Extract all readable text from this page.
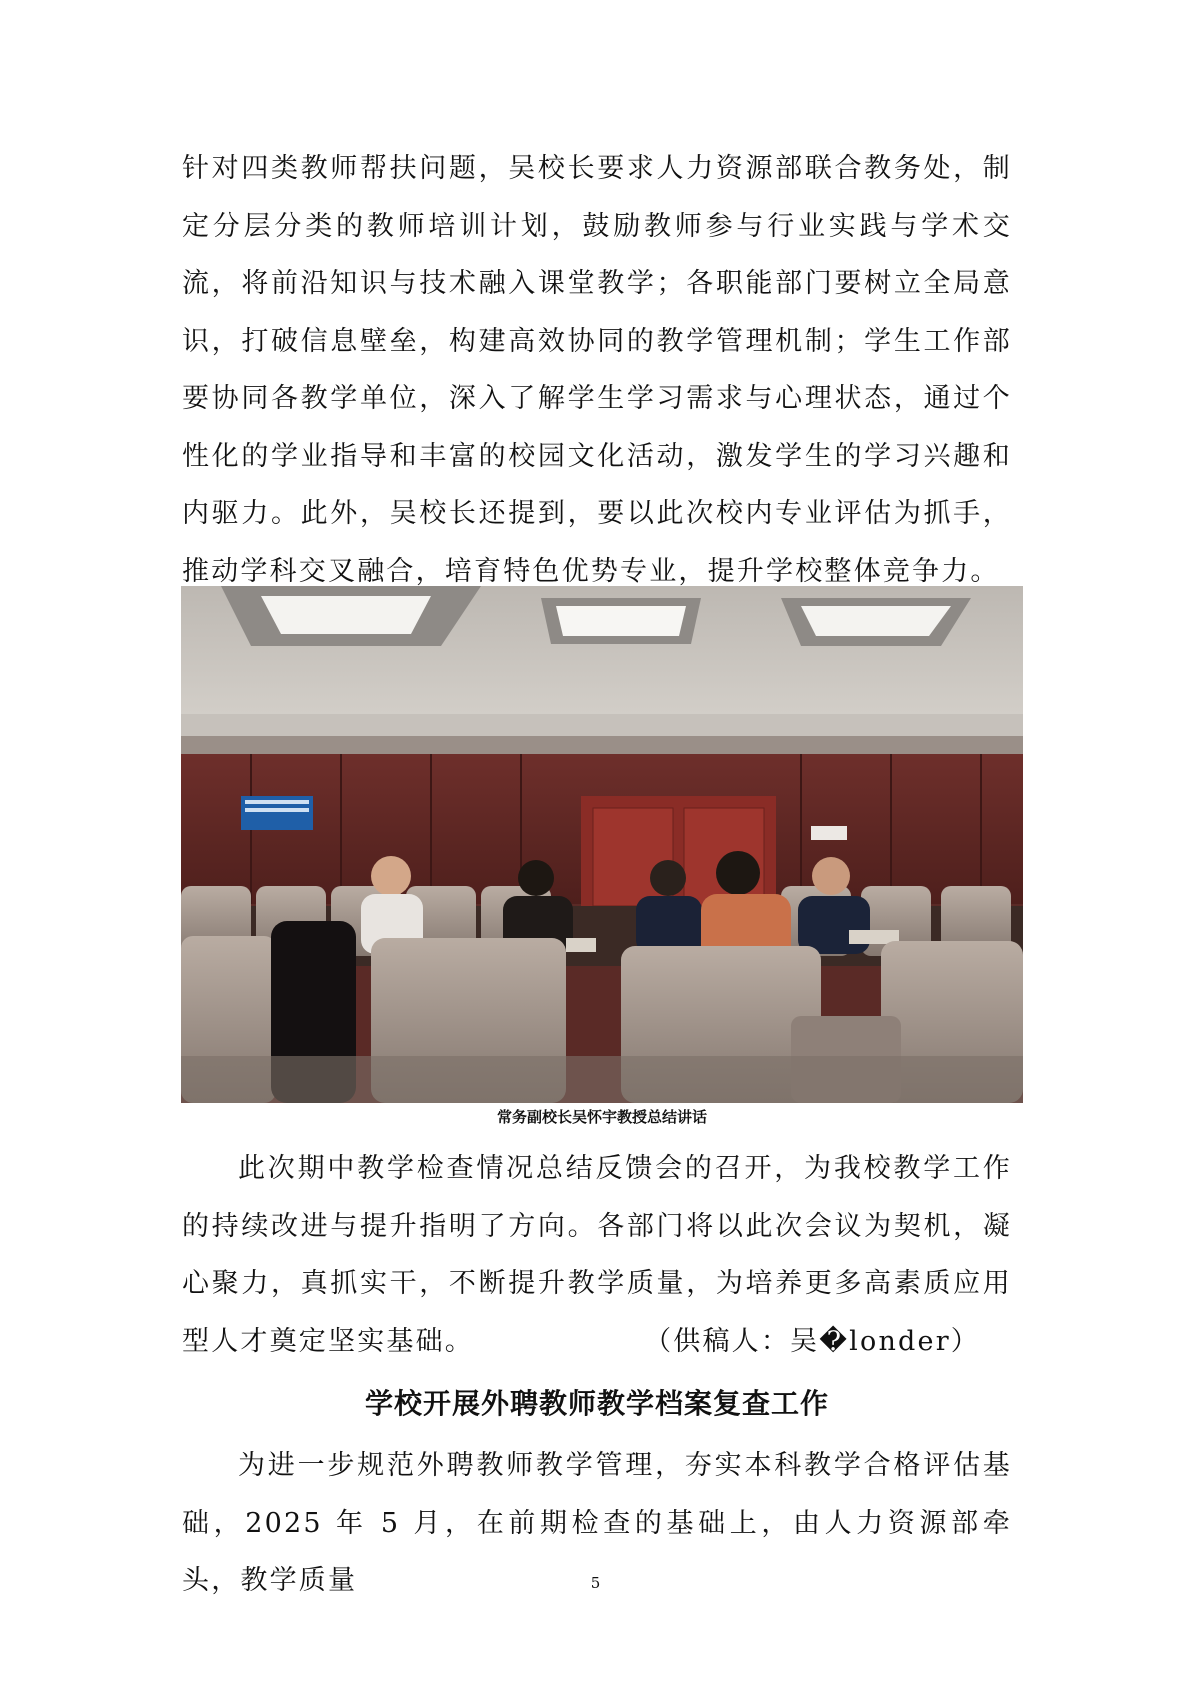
针对四类教师帮扶问题，吴校长要求人力资源部联合教务处，制定分层分类的教师培训计划，鼓励教师参与行业实践与学术交流，将前沿知识与技术融入课堂教学；各职能部门要树立全局意识，打破信息壁垒，构建高效协同的教学管理机制；学生工作部要协同各教学单位，深入了解学生学习需求与心理状态，通过个性化的学业指导和丰富的校园文化活动，激发学生的学习兴趣和内驱力。此外，吴校长还提到，要以此次校内专业评估为抓手，推动学科交叉融合，培育特色优势专业，提升学校整体竞争力。

常务副校长吴怀宇教授总结讲话

此次期中教学检查情况总结反馈会的召开，为我校教学工作的持续改进与提升指明了方向。各部门将以此次会议为契机，凝心聚力，真抓实干，不断提升教学质量，为培养更多高素质应用型人才奠定坚实基础。	（供稿人：吴�londer）

学校开展外聘教师教学档案复查工作

为进一步规范外聘教师教学管理，夯实本科教学合格评估基础，2025 年 5 月，在前期检查的基础上，由人力资源部牵头，教学质量	5
